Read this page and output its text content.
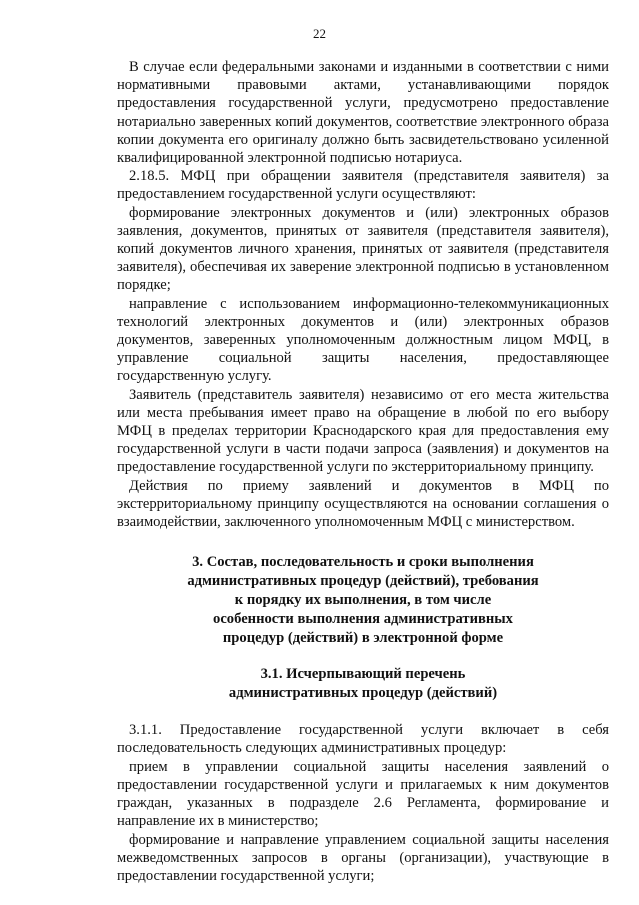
22

В случае если федеральными законами и изданными в соответствии с ними нормативными правовыми актами, устанавливающими порядок предоставления государственной услуги, предусмотрено предоставление нотариально заверенных копий документов, соответствие электронного образа копии документа его оригиналу должно быть засвидетельствовано усиленной квалифицированной электронной подписью нотариуса.

2.18.5. МФЦ при обращении заявителя (представителя заявителя) за предоставлением государственной услуги осуществляют:

формирование электронных документов и (или) электронных образов заявления, документов, принятых от заявителя (представителя заявителя), копий документов личного хранения, принятых от заявителя (представителя заявителя), обеспечивая их заверение электронной подписью в установленном порядке;

направление с использованием информационно-телекоммуникационных технологий электронных документов и (или) электронных образов документов, заверенных уполномоченным должностным лицом МФЦ, в управление социальной защиты населения, предоставляющее государственную услугу.

Заявитель (представитель заявителя) независимо от его места жительства или места пребывания имеет право на обращение в любой по его выбору МФЦ в пределах территории Краснодарского края для предоставления ему государственной услуги в части подачи запроса (заявления) и документов на предоставление государственной услуги по экстерриториальному принципу.

Действия по приему заявлений и документов в МФЦ по экстерриториальному принципу осуществляются на основании соглашения о взаимодействии, заключенного уполномоченным МФЦ с министерством.

3. Состав, последовательность и сроки выполнения
административных процедур (действий), требования
к порядку их выполнения, в том числе
особенности выполнения административных
процедур (действий) в электронной форме
3.1. Исчерпывающий перечень
административных процедур (действий)

3.1.1. Предоставление государственной услуги включает в себя последовательность следующих административных процедур:

прием в управлении социальной защиты населения заявлений о предоставлении государственной услуги и прилагаемых к ним документов граждан, указанных в подразделе 2.6 Регламента, формирование и направление их в министерство;

формирование и направление управлением социальной защиты населения межведомственных запросов в органы (организации), участвующие в предоставлении государственной услуги;
